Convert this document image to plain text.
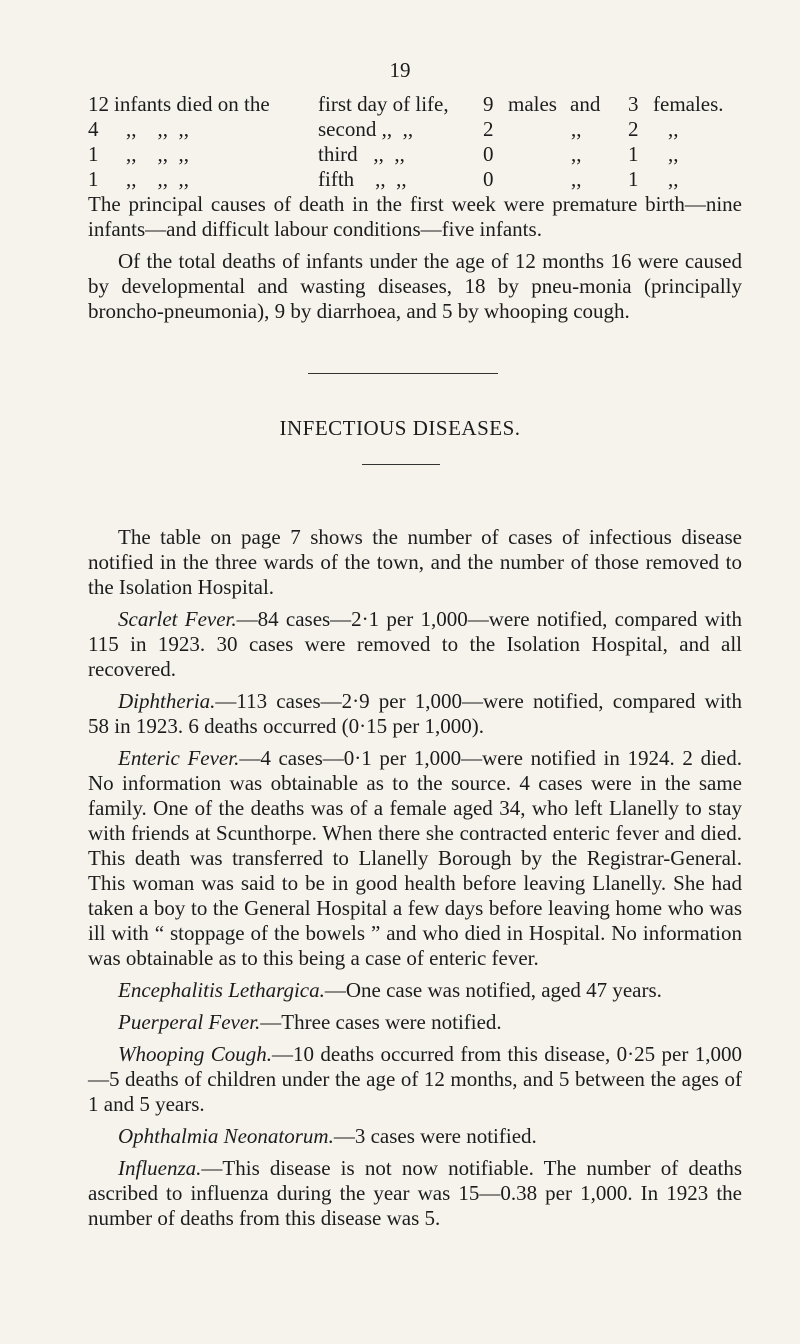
19
12 infants died on the first day of life, 9 males and 3 females.
4 ,,    ,,  ,,	second ,,  ,,	2	,, 2 ,,
1 ,,    ,,  ,,	third   ,,  ,,	0	,, 1 ,,
1 ,,    ,,  ,,	fifth    ,,  ,,	0	,, 1 ,,

The principal causes of death in the first week were premature birth—nine infants—and difficult labour conditions—five infants.

Of the total deaths of infants under the age of 12 months 16 were caused by developmental and wasting diseases, 18 by pneu-monia (principally broncho-pneumonia), 9 by diarrhoea, and 5 by whooping cough.

INFECTIOUS DISEASES.

The table on page 7 shows the number of cases of infectious disease notified in the three wards of the town, and the number of those removed to the Isolation Hospital.

Scarlet Fever.—84 cases—2·1 per 1,000—were notified, compared with 115 in 1923. 30 cases were removed to the Isolation Hospital, and all recovered.

Diphtheria.—113 cases—2·9 per 1,000—were notified, compared with 58 in 1923. 6 deaths occurred (0·15 per 1,000).

Enteric Fever.—4 cases—0·1 per 1,000—were notified in 1924. 2 died. No information was obtainable as to the source. 4 cases were in the same family. One of the deaths was of a female aged 34, who left Llanelly to stay with friends at Scunthorpe. When there she contracted enteric fever and died. This death was transferred to Llanelly Borough by the Registrar-General. This woman was said to be in good health before leaving Llanelly. She had taken a boy to the General Hospital a few days before leaving home who was ill with “ stoppage of the bowels ” and who died in Hospital. No information was obtainable as to this being a case of enteric fever.

Encephalitis Lethargica.—One case was notified, aged 47 years.

Puerperal Fever.—Three cases were notified.

Whooping Cough.—10 deaths occurred from this disease, 0·25 per 1,000—5 deaths of children under the age of 12 months, and 5 between the ages of 1 and 5 years.

Ophthalmia Neonatorum.—3 cases were notified.

Influenza.—This disease is not now notifiable. The number of deaths ascribed to influenza during the year was 15—0.38 per 1,000. In 1923 the number of deaths from this disease was 5.
